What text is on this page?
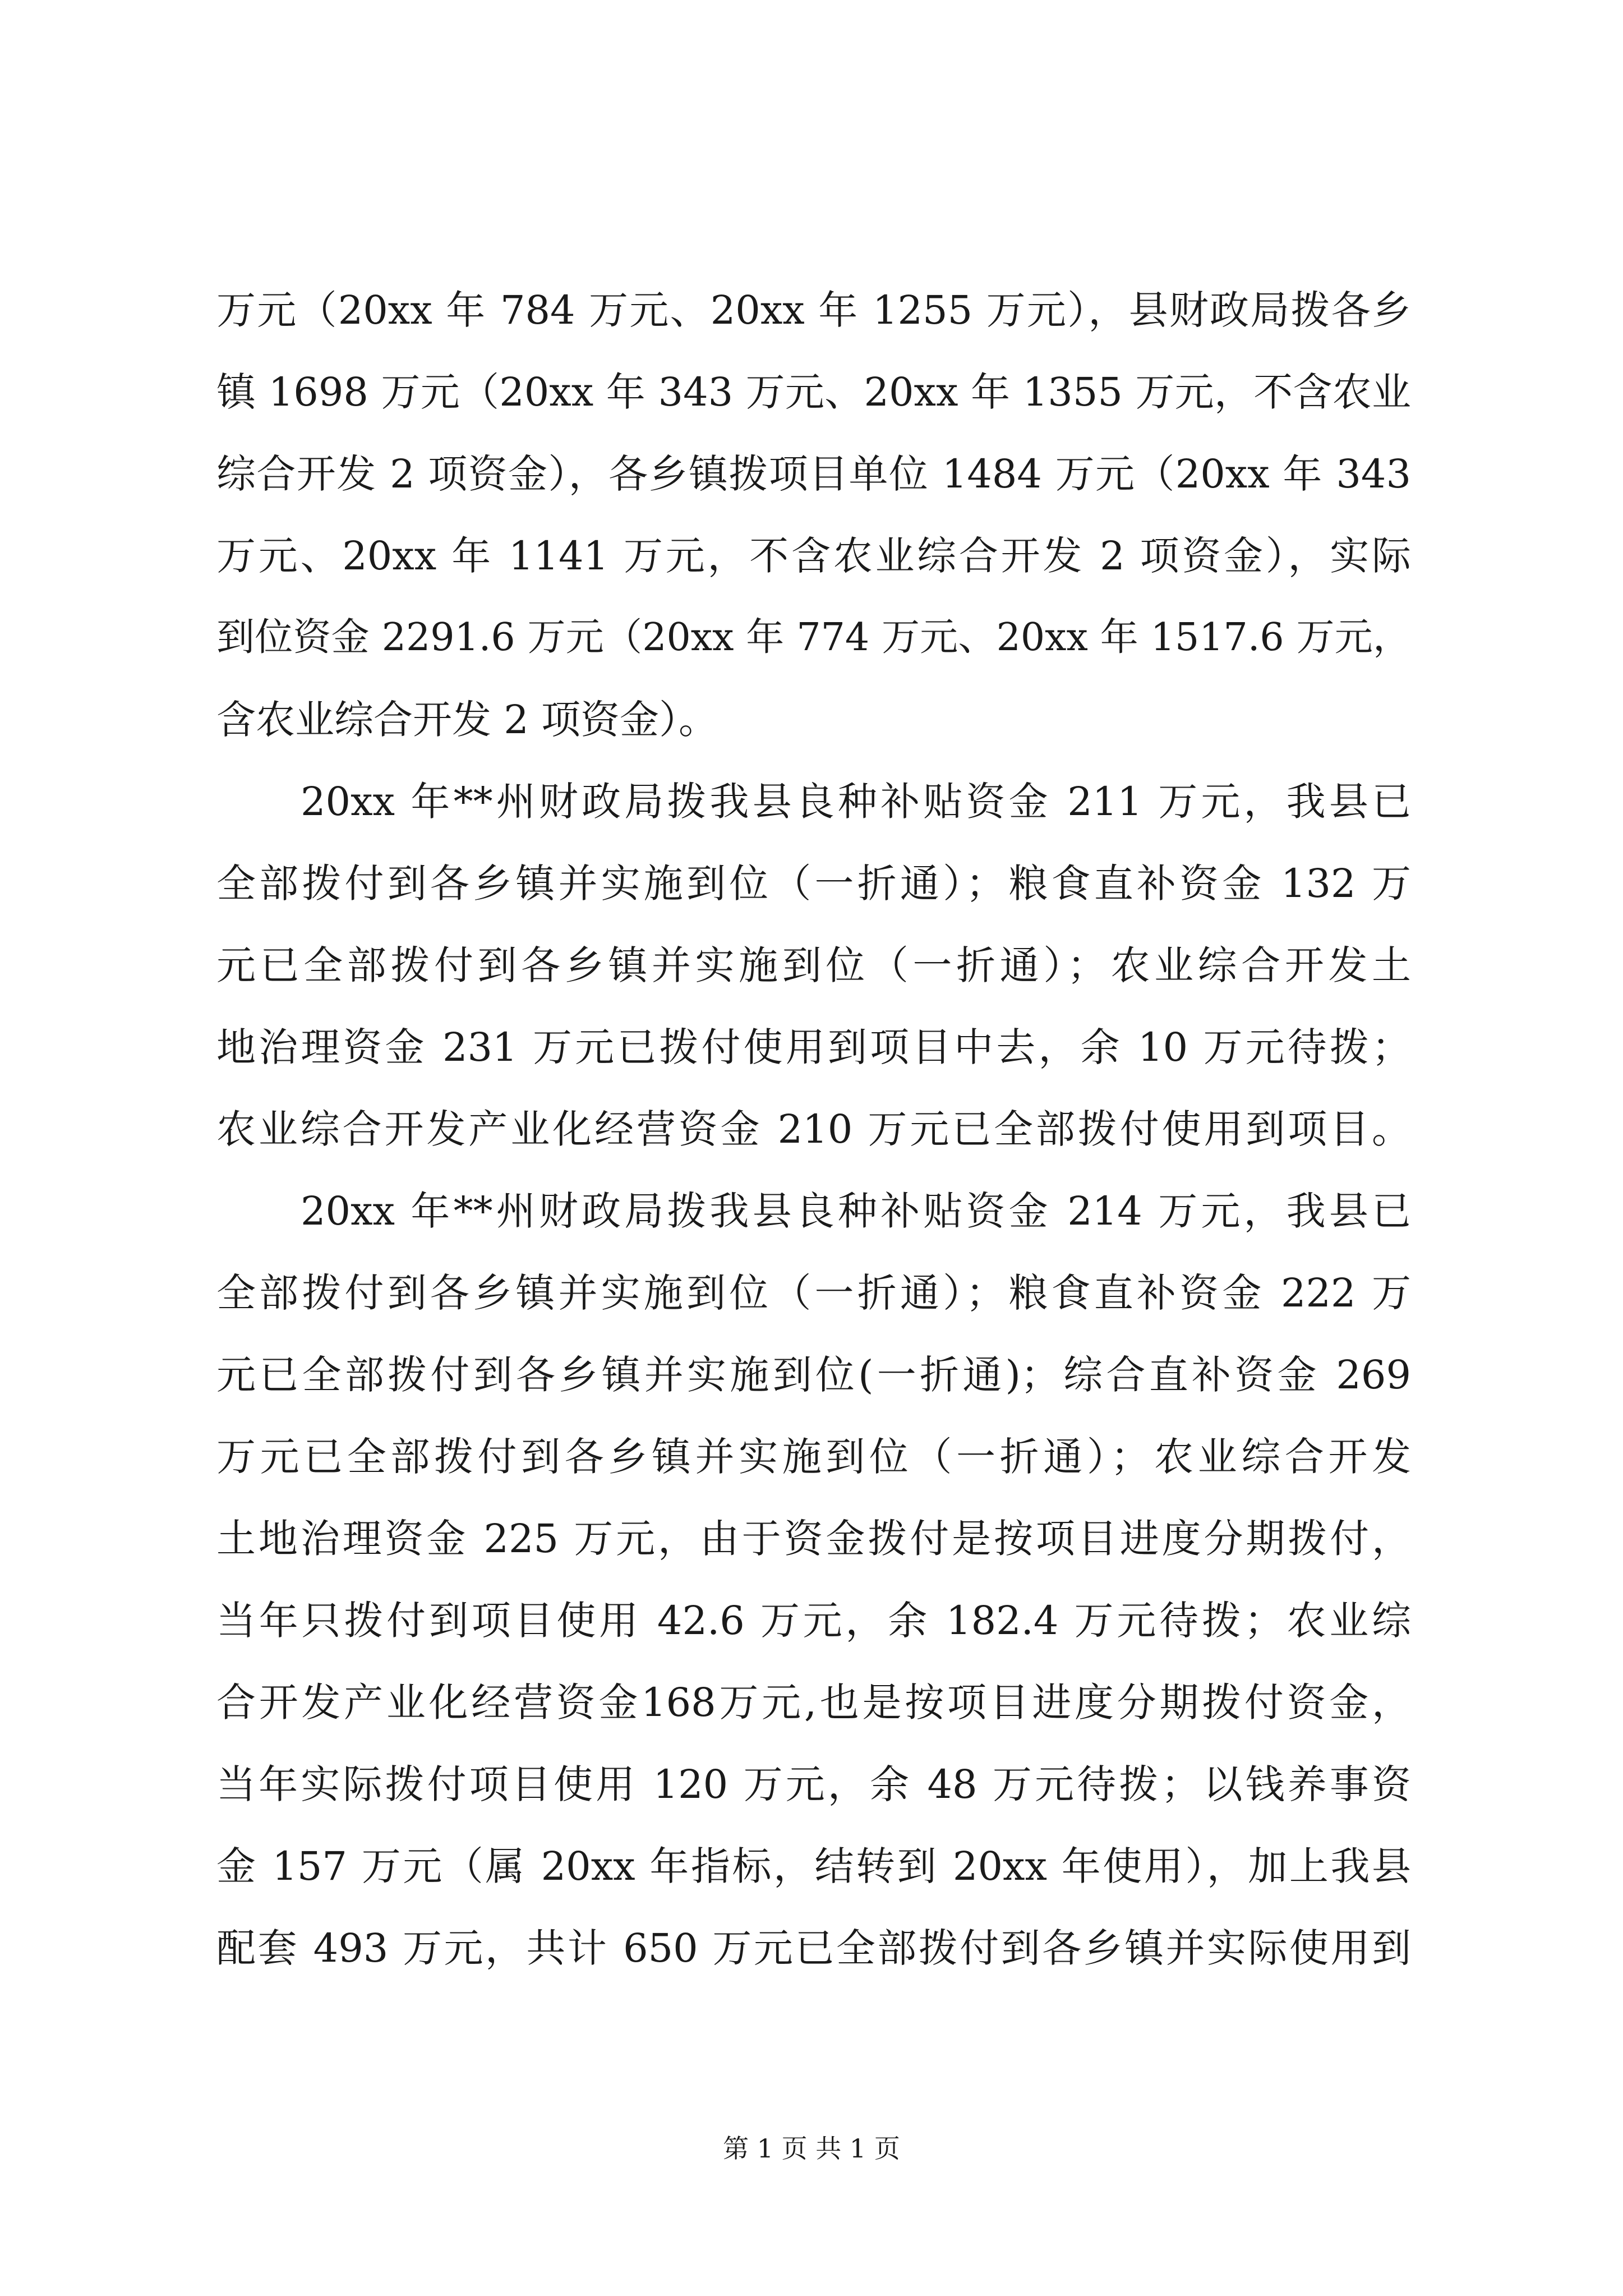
万元（20xx 年 784 万元、20xx 年 1255 万元），县财政局拨各乡
镇 1698 万元（20xx 年 343 万元、20xx 年 1355 万元，不含农业
综合开发 2 项资金），各乡镇拨项目单位 1484 万元（20xx 年 343
万元、20xx 年 1141 万元，不含农业综合开发 2 项资金），实际
到位资金 2291.6 万元（20xx 年 774 万元、20xx 年 1517.6 万元，
含农业综合开发 2 项资金）。
20xx 年**州财政局拨我县良种补贴资金 211 万元，我县已
全部拨付到各乡镇并实施到位（一折通）；粮食直补资金 132 万
元已全部拨付到各乡镇并实施到位（一折通）；农业综合开发土
地治理资金 231 万元已拨付使用到项目中去，余 10 万元待拨；
农业综合开发产业化经营资金 210 万元已全部拨付使用到项目。
20xx 年**州财政局拨我县良种补贴资金 214 万元，我县已
全部拨付到各乡镇并实施到位（一折通）；粮食直补资金 222 万
元已全部拨付到各乡镇并实施到位(一折通)；综合直补资金 269
万元已全部拨付到各乡镇并实施到位（一折通）；农业综合开发
土地治理资金 225 万元，由于资金拨付是按项目进度分期拨付，
当年只拨付到项目使用 42.6 万元，余 182.4 万元待拨；农业综
合开发产业化经营资金168万元,也是按项目进度分期拨付资金，
当年实际拨付项目使用 120 万元，余 48 万元待拨；以钱养事资
金 157 万元（属 20xx 年指标，结转到 20xx 年使用），加上我县
配套 493 万元，共计 650 万元已全部拨付到各乡镇并实际使用到
第 1 页 共 1 页
